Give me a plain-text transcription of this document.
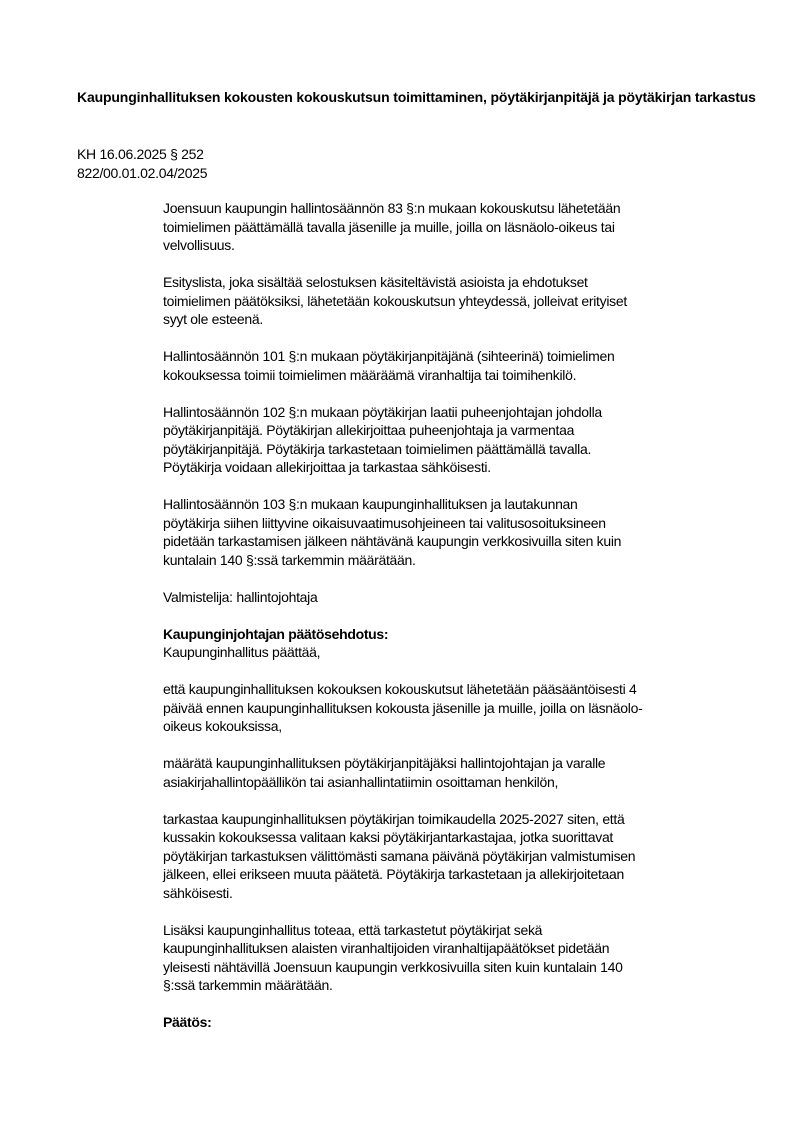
Kaupunginhallituksen kokousten kokouskutsun toimittaminen, pöytäkirjanpitäjä ja pöytäkirjan tarkastus
KH 16.06.2025 § 252
822/00.01.02.04/2025

Joensuun kaupungin hallintosäännön 83 §:n mukaan kokouskutsu lähetetään
toimielimen päättämällä tavalla jäsenille ja muille, joilla on läsnäolo-oikeus tai
velvollisuus.

Esityslista, joka sisältää selostuksen käsiteltävistä asioista ja ehdotukset
toimielimen päätöksiksi, lähetetään kokouskutsun yhteydessä, jolleivat erityiset
syyt ole esteenä.

Hallintosäännön 101 §:n mukaan pöytäkirjanpitäjänä (sihteerinä) toimielimen
kokouksessa toimii toimielimen määräämä viranhaltija tai toimihenkilö.

Hallintosäännön 102 §:n mukaan pöytäkirjan laatii puheenjohtajan johdolla
pöytäkirjanpitäjä. Pöytäkirjan allekirjoittaa puheenjohtaja ja varmentaa
pöytäkirjanpitäjä. Pöytäkirja tarkastetaan toimielimen päättämällä tavalla.
Pöytäkirja voidaan allekirjoittaa ja tarkastaa sähköisesti.

Hallintosäännön 103 §:n mukaan kaupunginhallituksen ja lautakunnan
pöytäkirja siihen liittyvine oikaisuvaatimusohjeineen tai valitusosoituksineen
pidetään tarkastamisen jälkeen nähtävänä kaupungin verkkosivuilla siten kuin
kuntalain 140 §:ssä tarkemmin määrätään.

Valmistelija: hallintojohtaja

Kaupunginjohtajan päätösehdotus:

Kaupunginhallitus päättää,

että kaupunginhallituksen kokouksen kokouskutsut lähetetään pääsääntöisesti 4
päivää ennen kaupunginhallituksen kokousta jäsenille ja muille, joilla on läsnäolo-
oikeus kokouksissa,

määrätä kaupunginhallituksen pöytäkirjanpitäjäksi hallintojohtajan ja varalle
asiakirjahallintopäällikön tai asianhallintatiimin osoittaman henkilön,

tarkastaa kaupunginhallituksen pöytäkirjan toimikaudella 2025-2027 siten, että
kussakin kokouksessa valitaan kaksi pöytäkirjantarkastajaa, jotka suorittavat
pöytäkirjan tarkastuksen välittömästi samana päivänä pöytäkirjan valmistumisen
jälkeen, ellei erikseen muuta päätetä. Pöytäkirja tarkastetaan ja allekirjoitetaan
sähköisesti.

Lisäksi kaupunginhallitus toteaa, että tarkastetut pöytäkirjat sekä
kaupunginhallituksen alaisten viranhaltijoiden viranhaltijapäätökset pidetään
yleisesti nähtävillä Joensuun kaupungin verkkosivuilla siten kuin kuntalain 140
§:ssä tarkemmin määrätään.

Päätös:
